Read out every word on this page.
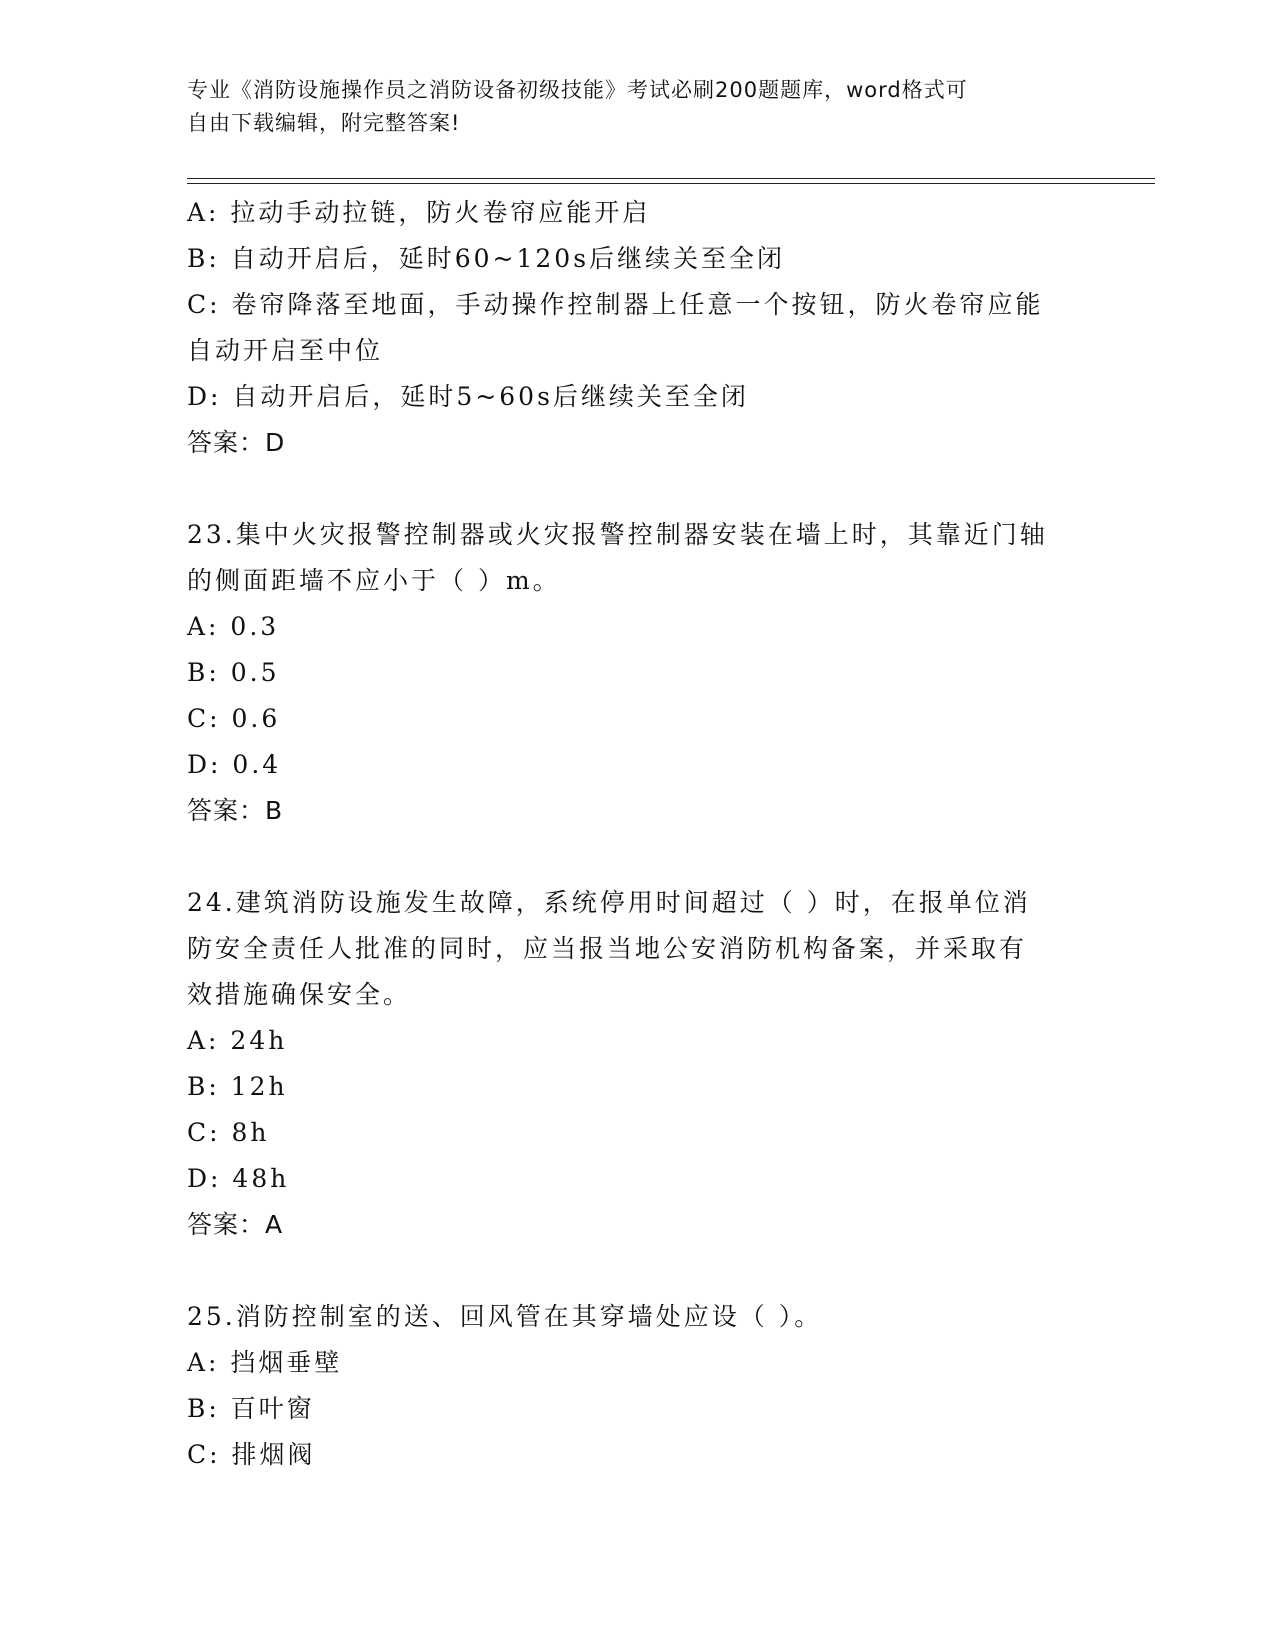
专业《消防设施操作员之消防设备初级技能》考试必刷200题题库，word格式可
自由下载编辑，附完整答案!
A: 拉动手动拉链，防火卷帘应能开启
B: 自动开启后，延时60~120s后继续关至全闭
C: 卷帘降落至地面，手动操作控制器上任意一个按钮，防火卷帘应能
自动开启至中位
D: 自动开启后，延时5~60s后继续关至全闭
答案：D
23.集中火灾报警控制器或火灾报警控制器安装在墙上时，其靠近门轴
的侧面距墙不应小于（ ）m。
A: 0.3
B: 0.5
C: 0.6
D: 0.4
答案：B
24.建筑消防设施发生故障，系统停用时间超过（ ）时，在报单位消
防安全责任人批准的同时，应当报当地公安消防机构备案，并采取有
效措施确保安全。
A: 24h
B: 12h
C: 8h
D: 48h
答案：A
25.消防控制室的送、回风管在其穿墙处应设（ ）。
A: 挡烟垂壁
B: 百叶窗
C: 排烟阀
